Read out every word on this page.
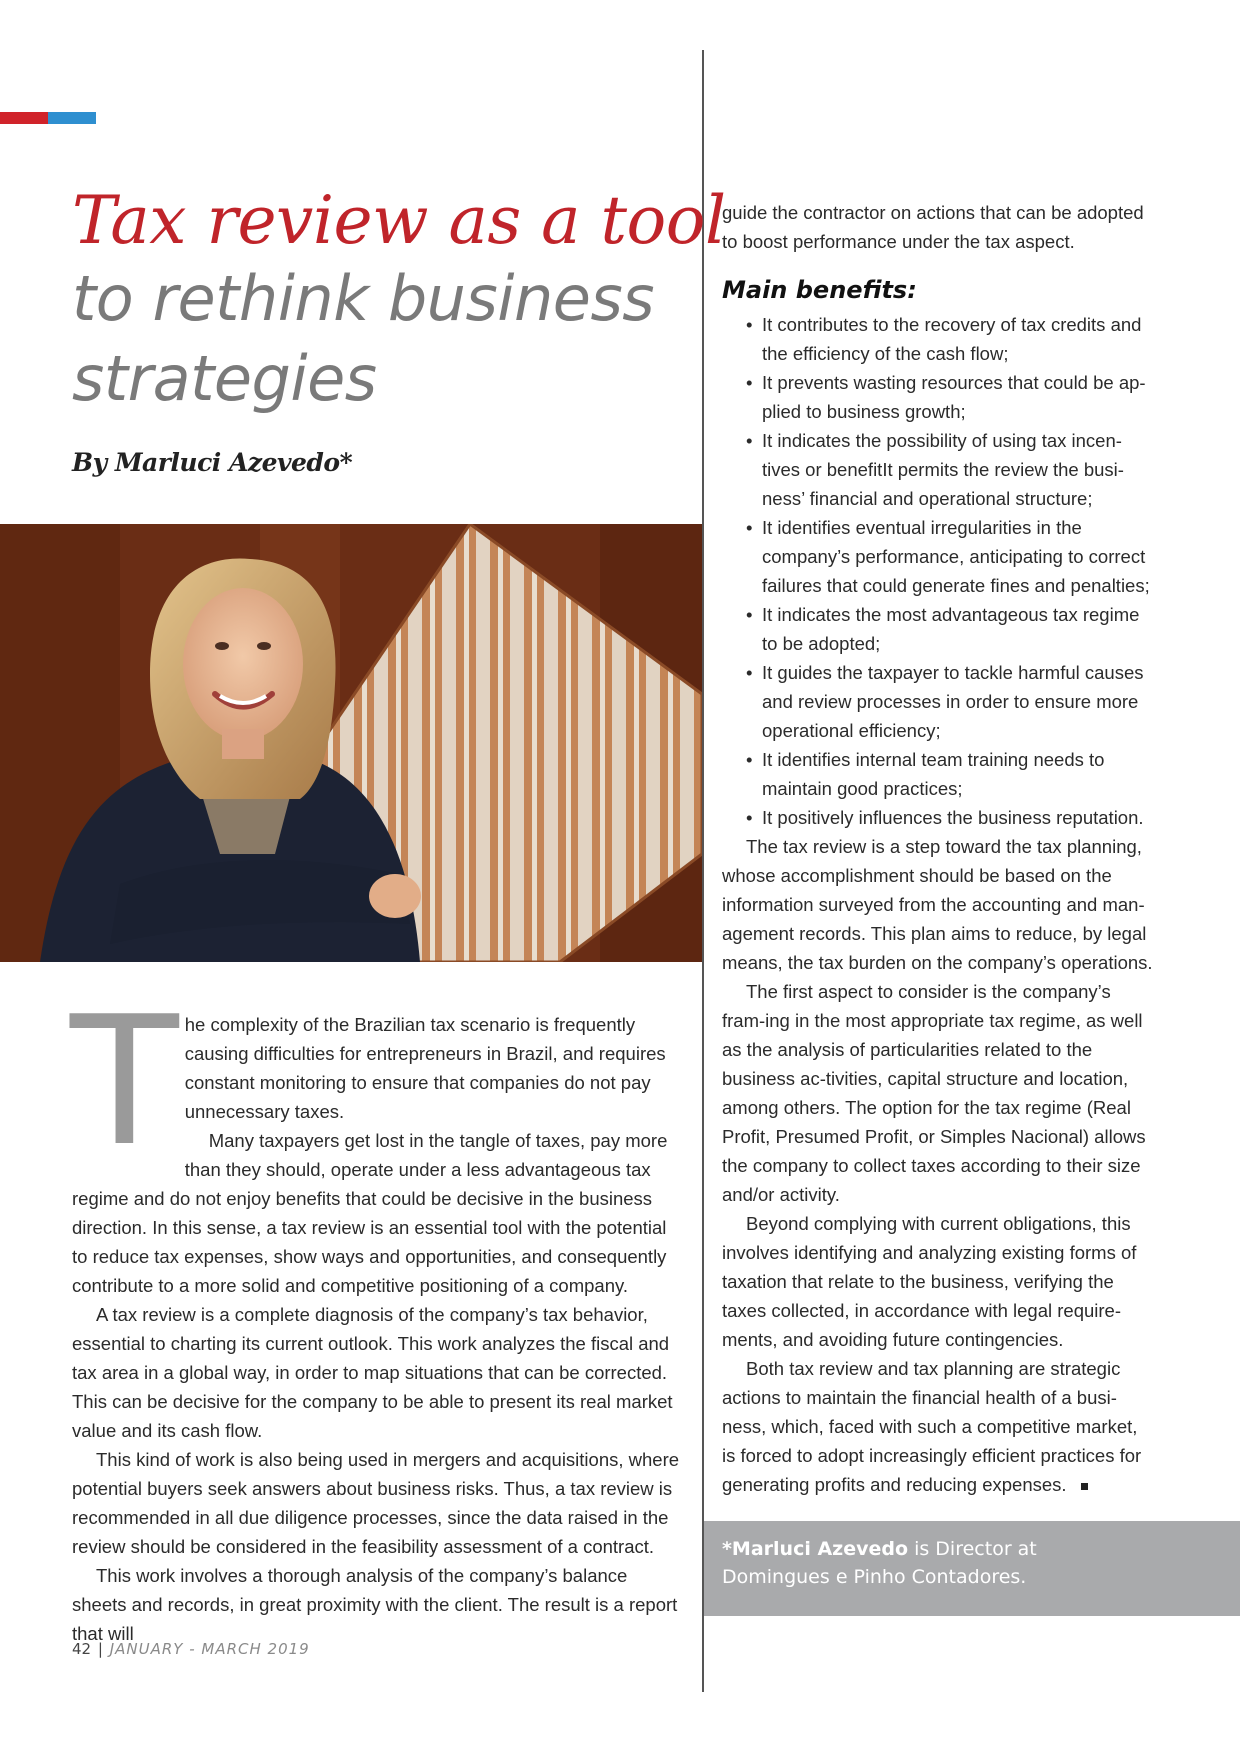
Tax review as a tool
to rethink business
strategies
By Marluci Azevedo*

The complexity of the Brazilian tax scenario is frequently causing difficulties for entrepreneurs in Brazil, and requires constant monitoring to ensure that companies do not pay unnecessary taxes.

Many taxpayers get lost in the tangle of taxes, pay more than they should, operate under a less advantageous tax regime and do not enjoy benefits that could be decisive in the business direction. In this sense, a tax review is an essential tool with the potential to reduce tax expenses, show ways and opportunities, and consequently contribute to a more solid and competitive positioning of a company.

A tax review is a complete diagnosis of the company’s tax behavior, essential to charting its current outlook. This work analyzes the fiscal and tax area in a global way, in order to map situations that can be corrected. This can be decisive for the company to be able to present its real market value and its cash flow.

This kind of work is also being used in mergers and acquisitions, where potential buyers seek answers about business risks. Thus, a tax review is recommended in all due diligence processes, since the data raised in the review should be considered in the feasibility assessment of a contract.

This work involves a thorough analysis of the company’s balance sheets and records, in great proximity with the client. The result is a report that will

guide the contractor on actions that can be adopted to boost performance under the tax aspect.

Main benefits:
• It contributes to the recovery of tax credits and the efficiency of the cash flow;
• It prevents wasting resources that could be ap-plied to business growth;
• It indicates the possibility of using tax incen-tives or benefitIt permits the review the busi-ness’ financial and operational structure;
• It identifies eventual irregularities in the company’s performance, anticipating to correct failures that could generate fines and penalties;
• It indicates the most advantageous tax regime to be adopted;
• It guides the taxpayer to tackle harmful causes and review processes in order to ensure more operational efficiency;
• It identifies internal team training needs to maintain good practices;
• It positively influences the business reputation.

The tax review is a step toward the tax planning, whose accomplishment should be based on the information surveyed from the accounting and man-agement records. This plan aims to reduce, by legal means, the tax burden on the company’s operations.

The first aspect to consider is the company’s fram-ing in the most appropriate tax regime, as well as the analysis of particularities related to the business ac-tivities, capital structure and location, among others. The option for the tax regime (Real Profit, Presumed Profit, or Simples Nacional) allows the company to collect taxes according to their size and/or activity.

Beyond complying with current obligations, this involves identifying and analyzing existing forms of taxation that relate to the business, verifying the taxes collected, in accordance with legal require-ments, and avoiding future contingencies.

Both tax review and tax planning are strategic actions to maintain the financial health of a busi-ness, which, faced with such a competitive market, is forced to adopt increasingly efficient practices for generating profits and reducing expenses.

*Marluci Azevedo is Director at Domingues e Pinho Contadores.
42 | JANUARY - MARCH 2019
